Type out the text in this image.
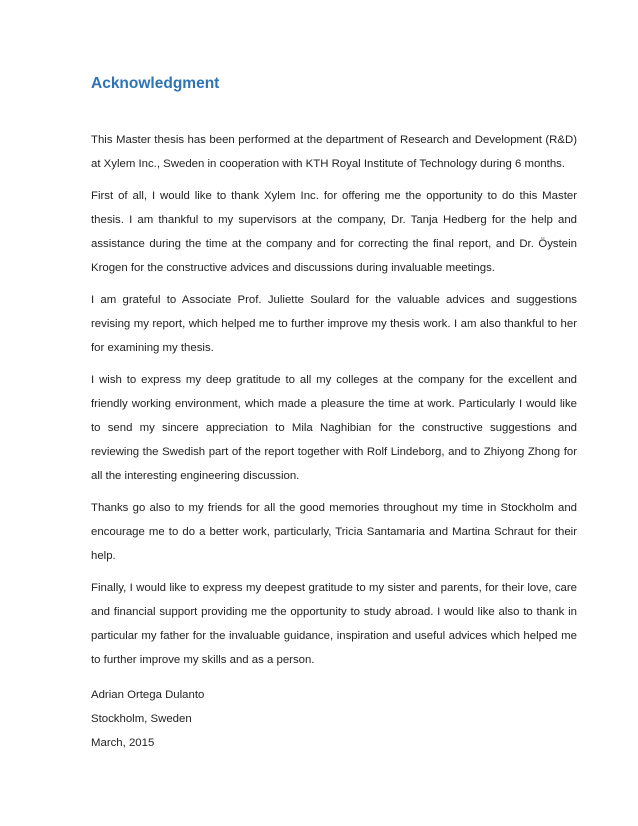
Acknowledgment

This Master thesis has been performed at the department of Research and Development (R&D) at Xylem Inc., Sweden in cooperation with KTH Royal Institute of Technology during 6 months.

First of all, I would like to thank Xylem Inc. for offering me the opportunity to do this Master thesis. I am thankful to my supervisors at the company, Dr. Tanja Hedberg for the help and assistance during the time at the company and for correcting the final report, and Dr. Öystein Krogen for the constructive advices and discussions during invaluable meetings.

I am grateful to Associate Prof. Juliette Soulard for the valuable advices and suggestions revising my report, which helped me to further improve my thesis work. I am also thankful to her for examining my thesis.

I wish to express my deep gratitude to all my colleges at the company for the excellent and friendly working environment, which made a pleasure the time at work. Particularly I would like to send my sincere appreciation to Mila Naghibian for the constructive suggestions and reviewing the Swedish part of the report together with Rolf Lindeborg, and to Zhiyong Zhong for all the interesting engineering discussion.

Thanks go also to my friends for all the good memories throughout my time in Stockholm and encourage me to do a better work, particularly, Tricia Santamaria and Martina Schraut for their help.

Finally, I would like to express my deepest gratitude to my sister and parents, for their love, care and financial support providing me the opportunity to study abroad. I would like also to thank in particular my father for the invaluable guidance, inspiration and useful advices which helped me to further improve my skills and as a person.

Adrian Ortega Dulanto

Stockholm, Sweden

March, 2015
